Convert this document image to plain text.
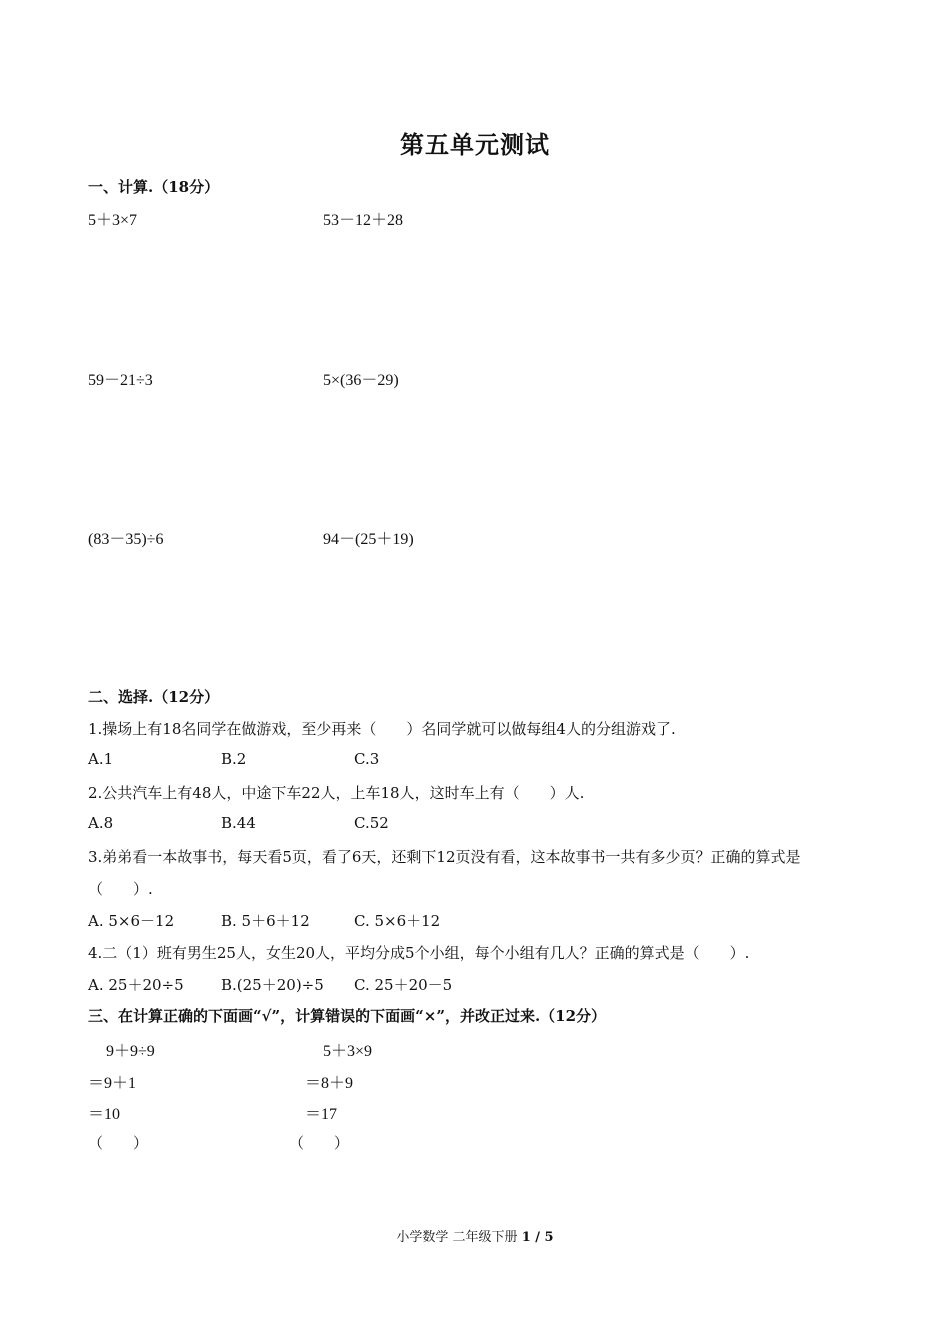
第五单元测试
一、计算.（18分）
5＋3×7	53－12＋28
59－21÷3	5×(36－29)
(83－35)÷6	94－(25＋19)
二、选择.（12分）
1.操场上有18名同学在做游戏，至少再来（　　）名同学就可以做每组4人的分组游戏了.
A.1	B.2	C.3
2.公共汽车上有48人，中途下车22人，上车18人，这时车上有（　　）人.
A.8	B.44	C.52
3.弟弟看一本故事书，每天看5页，看了6天，还剩下12页没有看，这本故事书一共有多少页？正确的算式是
（　　）.
A. 5×6－12	B. 5＋6＋12	C. 5×6＋12
4.二（1）班有男生25人，女生20人，平均分成5个小组，每个小组有几人？正确的算式是（　　）.
A. 25＋20÷5 B.(25＋20)÷5 C. 25＋20－5
三、在计算正确的下面画“√”，计算错误的下面画“×”，并改正过来.（12分）
9＋9÷9
＝9＋1
＝10
（　　）
5＋3×9
＝8＋9
＝17
（　　）
小学数学 二年级下册 1 / 5
